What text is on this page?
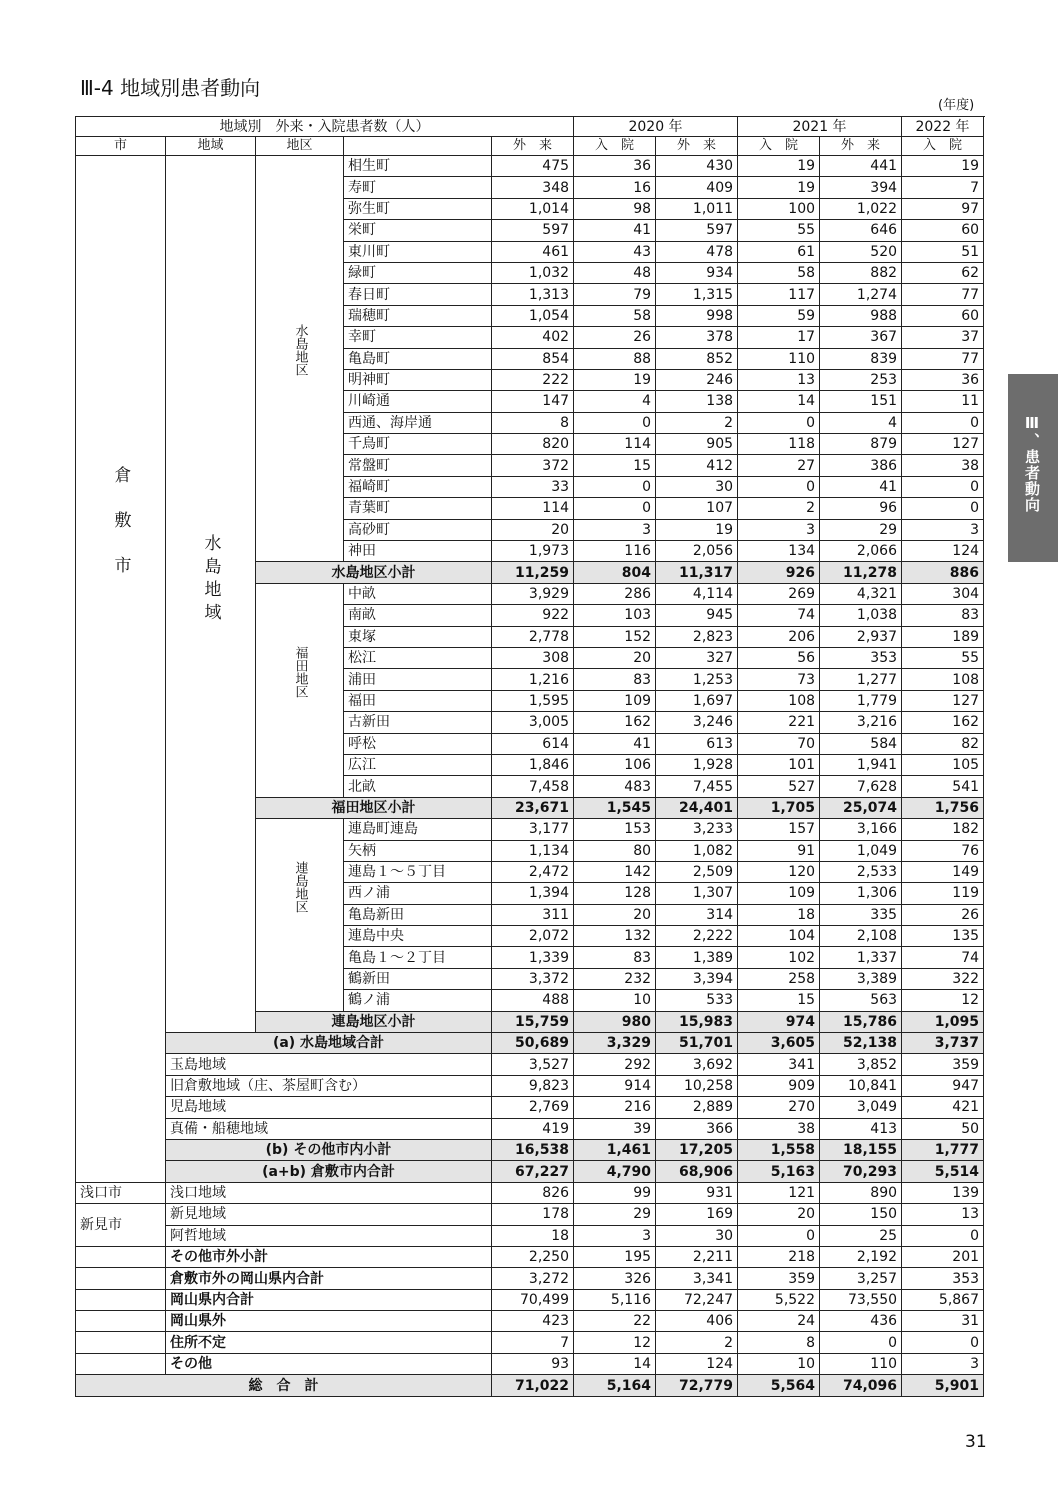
Ⅲ-4 地域別患者動向
(年度)
地域別　外来・入院患者数（人）					2020 年		2021 年		2022 年
市	地域	地区		外　来	入　院	外　来	入　院	外　来	入　院
倉敷市	水島地域	水島地区	相生町	475	36	430	19	441	19
			寿町	348	16	409	19	394	7
			弥生町	1,014	98	1,011	100	1,022	97
			栄町	597	41	597	55	646	60
			東川町	461	43	478	61	520	51
			緑町	1,032	48	934	58	882	62
			春日町	1,313	79	1,315	117	1,274	77
			瑞穂町	1,054	58	998	59	988	60
			幸町	402	26	378	17	367	37
			亀島町	854	88	852	110	839	77
			明神町	222	19	246	13	253	36
			川崎通	147	4	138	14	151	11
			西通、海岸通	8	0	2	0	4	0
			千鳥町	820	114	905	118	879	127
			常盤町	372	15	412	27	386	38
			福崎町	33	0	30	0	41	0
			青葉町	114	0	107	2	96	0
			高砂町	20	3	19	3	29	3
			神田	1,973	116	2,056	134	2,066	124
		水島地区小計		11,259	804	11,317	926	11,278	886
		福田地区	中畝	3,929	286	4,114	269	4,321	304
			南畝	922	103	945	74	1,038	83
			東塚	2,778	152	2,823	206	2,937	189
			松江	308	20	327	56	353	55
			浦田	1,216	83	1,253	73	1,277	108
			福田	1,595	109	1,697	108	1,779	127
			古新田	3,005	162	3,246	221	3,216	162
			呼松	614	41	613	70	584	82
			広江	1,846	106	1,928	101	1,941	105
			北畝	7,458	483	7,455	527	7,628	541
		福田地区小計		23,671	1,545	24,401	1,705	25,074	1,756
		連島地区	連島町連島	3,177	153	3,233	157	3,166	182
			矢柄	1,134	80	1,082	91	1,049	76
			連島１～５丁目	2,472	142	2,509	120	2,533	149
			西ノ浦	1,394	128	1,307	109	1,306	119
			亀島新田	311	20	314	18	335	26
			連島中央	2,072	132	2,222	104	2,108	135
			亀島１～２丁目	1,339	83	1,389	102	1,337	74
			鶴新田	3,372	232	3,394	258	3,389	322
			鶴ノ浦	488	10	533	15	563	12
		連島地区小計		15,759	980	15,983	974	15,786	1,095
	(a) 水島地域合計			50,689	3,329	51,701	3,605	52,138	3,737
	玉島地域			3,527	292	3,692	341	3,852	359
	旧倉敷地域（庄、茶屋町含む）			9,823	914	10,258	909	10,841	947
	児島地域			2,769	216	2,889	270	3,049	421
	真備・船穂地域			419	39	366	38	413	50
	(b) その他市内小計			16,538	1,461	17,205	1,558	18,155	1,777
	(a+b) 倉敷市内合計			67,227	4,790	68,906	5,163	70,293	5,514
浅口市	浅口地域			826	99	931	121	890	139
新見市	新見地域			178	29	169	20	150	13
	阿哲地域			18	3	30	0	25	0
	その他市外小計			2,250	195	2,211	218	2,192	201
	倉敷市外の岡山県内合計			3,272	326	3,341	359	3,257	353
	岡山県内合計			70,499	5,116	72,247	5,522	73,550	5,867
	岡山県外			423	22	406	24	436	31
	住所不定			7	12	2	8	0	0
	その他			93	14	124	10	110	3
総　合　計				71,022	5,164	72,779	5,564	74,096	5,901
Ⅲ、患者動向
31
